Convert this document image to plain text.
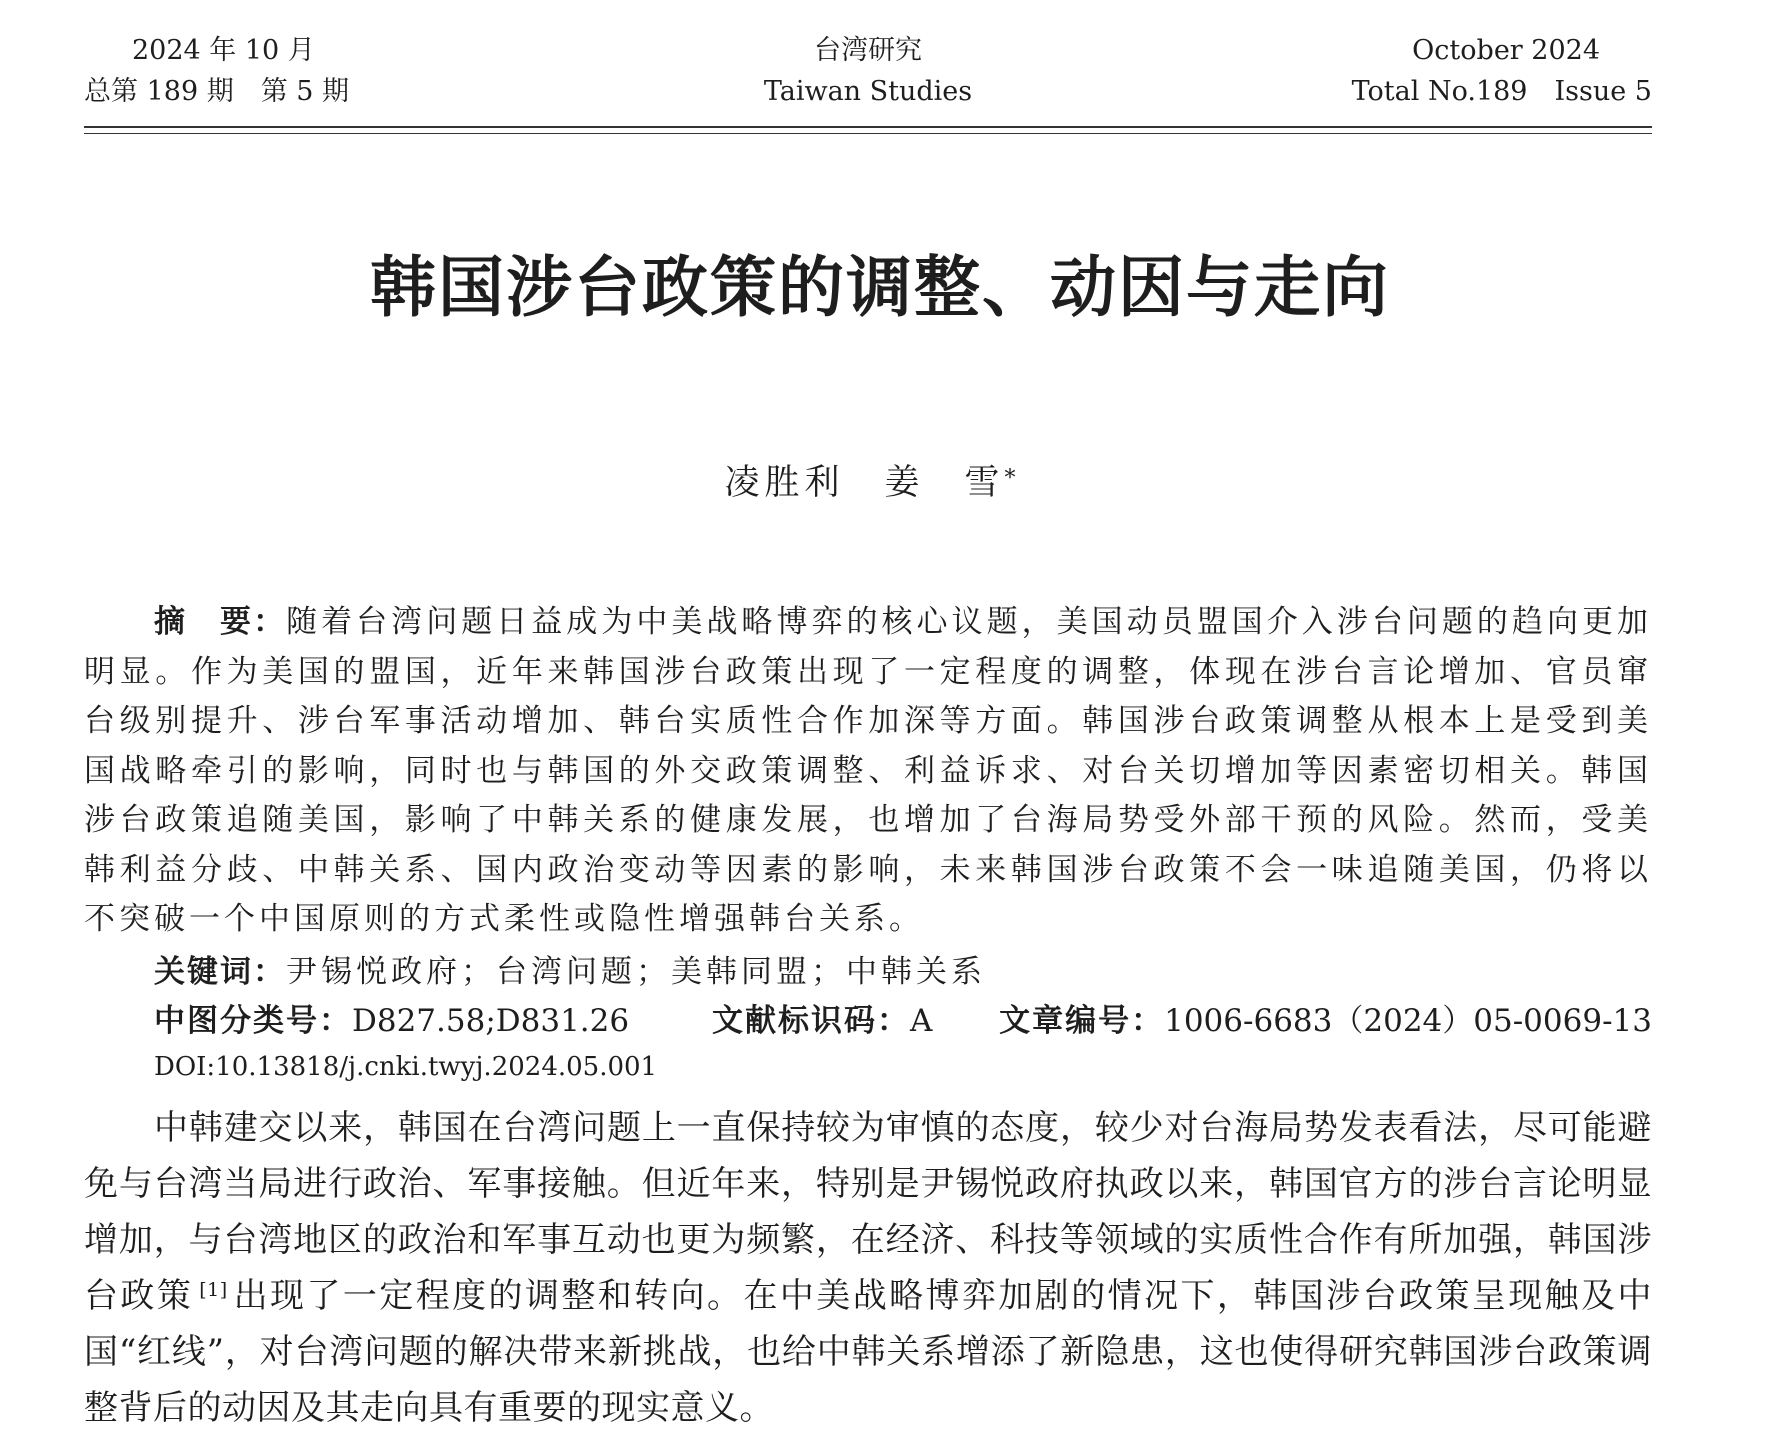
2024 年 10 月
总第 189 期　第 5 期
台湾研究
Taiwan Studies
October 2024
Total No.189　Issue 5
韩国涉台政策的调整、动因与走向
凌胜利 姜　雪*
摘　要：随着台湾问题日益成为中美战略博弈的核心议题，美国动员盟国介入涉台问题的趋向更加明显。作为美国的盟国，近年来韩国涉台政策出现了一定程度的调整，体现在涉台言论增加、官员窜台级别提升、涉台军事活动增加、韩台实质性合作加深等方面。韩国涉台政策调整从根本上是受到美国战略牵引的影响，同时也与韩国的外交政策调整、利益诉求、对台关切增加等因素密切相关。韩国涉台政策追随美国，影响了中韩关系的健康发展，也增加了台海局势受外部干预的风险。然而，受美韩利益分歧、中韩关系、国内政治变动等因素的影响，未来韩国涉台政策不会一味追随美国，仍将以不突破一个中国原则的方式柔性或隐性增强韩台关系。
关键词：尹锡悦政府；台湾问题；美韩同盟；中韩关系
中图分类号：D827.58;D831.26	文献标识码：A 文章编号：1006-6683（2024）05-0069-13
DOI:10.13818/j.cnki.twyj.2024.05.001
中韩建交以来，韩国在台湾问题上一直保持较为审慎的态度，较少对台海局势发表看法，尽可能避免与台湾当局进行政治、军事接触。但近年来，特别是尹锡悦政府执政以来，韩国官方的涉台言论明显增加，与台湾地区的政治和军事互动也更为频繁，在经济、科技等领域的实质性合作有所加强，韩国涉台政策 [1] 出现了一定程度的调整和转向。在中美战略博弈加剧的情况下，韩国涉台政策呈现触及中国“红线”，对台湾问题的解决带来新挑战，也给中韩关系增添了新隐患，这也使得研究韩国涉台政策调整背后的动因及其走向具有重要的现实意义。
